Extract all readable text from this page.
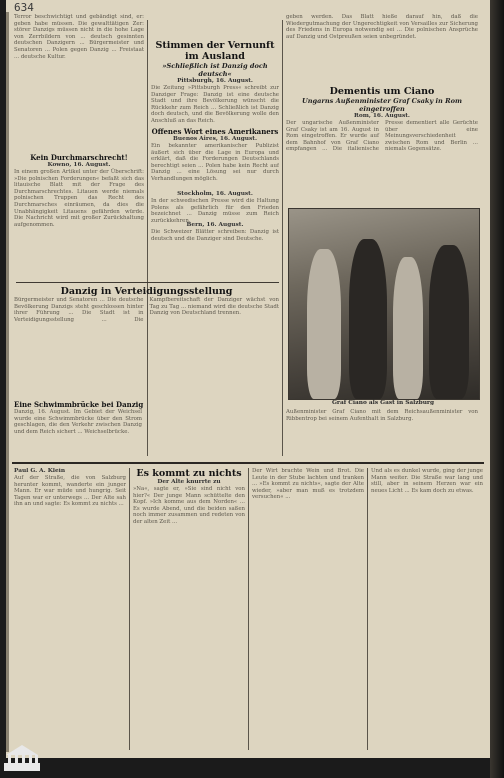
634

Terror beschwichtigt und gebändigt sind, er: geben habe müssen. Die gewalttätigen Zer: störer Danzigs müssen nicht in die hohe Lage von Zerrbildern von ... deutsch gesinnten deutschen Danzigern ... Bürgermeister und Senatoren ... Polen gegen Danzig ... Freistaat ... deutsche Kultur.

Kein Durchmarschrecht!
Kowno, 16. August.

In einem großen Artikel unter der Überschrift: »Die polnischen Forderungen« befaßt sich das litauische Blatt mit der Frage des Durchmarschrechtes. Litauen werde niemals polnischen Truppen das Recht des Durchmarsches einräumen, da dies die Unabhängigkeit Litauens gefährden würde. Die Nachricht wird mit großer Zurückhaltung aufgenommen.

Stimmen der Vernunft im Ausland
»Schließlich ist Danzig doch deutsch«
Pittsburgh, 16. August.

Die Zeitung »Pittsburgh Press« schreibt zur Danziger Frage: Danzig ist eine deutsche Stadt und ihre Bevölkerung wünscht die Rückkehr zum Reich ... Schließlich ist Danzig doch deutsch, und die Bevölkerung wolle den Anschluß an das Reich.

Offenes Wort eines Amerikaners
Buenos Aires, 16. August.

Ein bekannter amerikanischer Publizist äußert sich über die Lage in Europa und erklärt, daß die Forderungen Deutschlands berechtigt seien ... Polen habe kein Recht auf Danzig ... eine Lösung sei nur durch Verhandlungen möglich.

Stockholm, 16. August.

In der schwedischen Presse wird die Haltung Polens als gefährlich für den Frieden bezeichnet ... Danzig müsse zum Reich zurückkehren.

Bern, 16. August.

Die Schweizer Blätter schreiben: Danzig ist deutsch und die Danziger sind Deutsche.

Danzig in Verteidigungsstellung

Bürgermeister und Senatoren ... Die deutsche Bevölkerung Danzigs steht geschlossen hinter ihrer Führung ... Die Stadt ist in Verteidigungsstellung ... Die Kampfbereitschaft der Danziger wächst von Tag zu Tag ... niemand wird die deutsche Stadt Danzig von Deutschland trennen.

Eine Schwimmbrücke bei Danzig

Danzig, 16. August. Im Gebiet der Weichsel wurde eine Schwimmbrücke über den Strom geschlagen, die den Verkehr zwischen Danzig und dem Reich sichert ... Weichselbrücke.

geben werden. Das Blatt hieße darauf hin, daß die Wiedergutmachung der Ungerechtigkeit von Versailles zur Sicherung des Friedens in Europa notwendig sei ... Die polnischen Ansprüche auf Danzig und Ostpreußen seien unbegründet.

Dementis um Ciano
Ungarns Außenminister Graf Csaky in Rom eingetroffen
Rom, 16. August.

Der ungarische Außenminister Graf Csaky ist am 16. August in Rom eingetroffen. Er wurde auf dem Bahnhof von Graf Ciano empfangen ... Die italienische Presse dementiert alle Gerüchte über eine Meinungsverschiedenheit zwischen Rom und Berlin ... niemals Gegensätze.

Graf Ciano als Gast in Salzburg

Außenminister Graf Ciano mit dem Reichsaußenminister von Ribbentrop bei seinem Aufenthalt in Salzburg.

Paul G. A. Klein

Auf der Straße, die von Salzburg herunter kommt, wanderte ein junger Mann. Er war müde und hungrig. Seit Tagen war er unterwegs ... Der Alte sah ihn an und sagte: Es kommt zu nichts ...

Es kommt zu nichts
Der Alte knurrte zu

»Na«, sagte er, »Sie sind nicht von hier?« Der junge Mann schüttelte den Kopf. »Ich komme aus dem Norden« ... Es wurde Abend, und die beiden saßen noch immer zusammen und redeten von der alten Zeit ...

Der Wirt brachte Wein und Brot. Die Leute in der Stube lachten und tranken ... »Es kommt zu nichts«, sagte der Alte wieder, »aber man muß es trotzdem versuchen« ...

Und als es dunkel wurde, ging der junge Mann weiter. Die Straße war lang und still, aber in seinem Herzen war ein neues Licht ... Es kam doch zu etwas.
